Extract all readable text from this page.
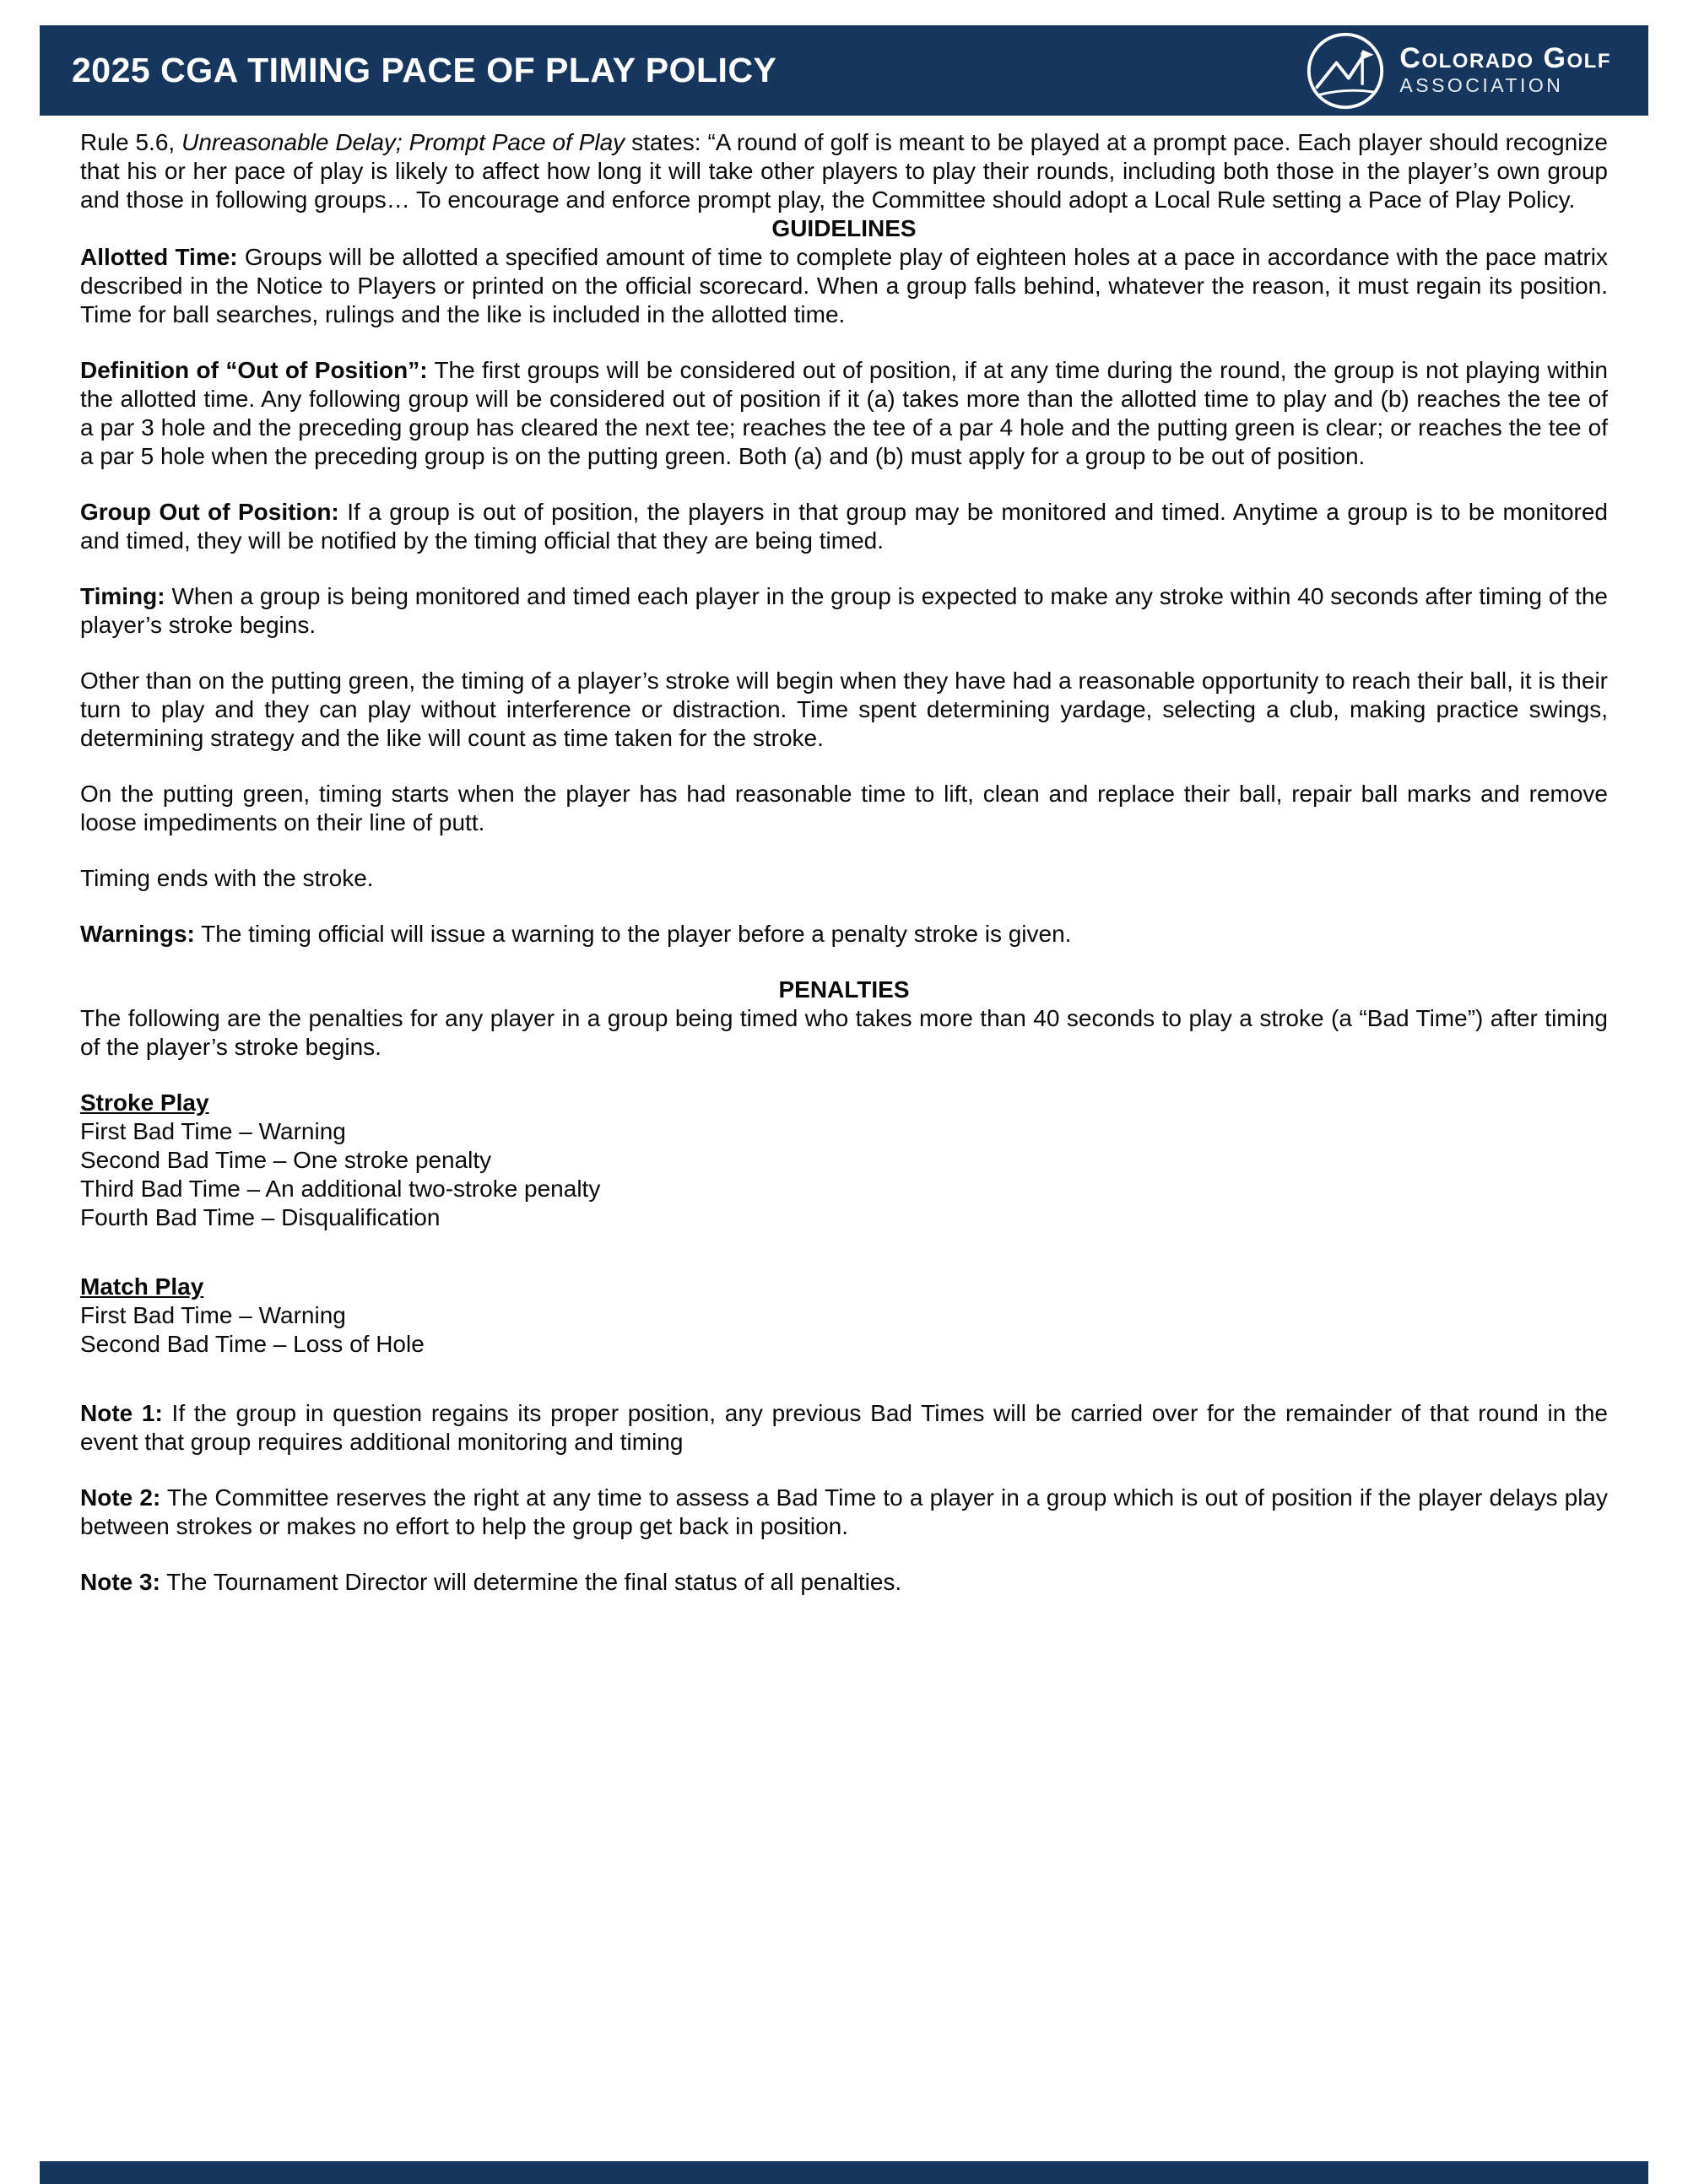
2025 CGA TIMING PACE OF PLAY POLICY	Colorado Golf
ASSOCIATION
Rule 5.6, Unreasonable Delay; Prompt Pace of Play states: “A round of golf is meant to be played at a prompt pace. Each player should recognize that his or her pace of play is likely to affect how long it will take other players to play their rounds, including both those in the player’s own group and those in following groups… To encourage and enforce prompt play, the Committee should adopt a Local Rule setting a Pace of Play Policy.
GUIDELINES
Allotted Time: Groups will be allotted a specified amount of time to complete play of eighteen holes at a pace in accordance with the pace matrix described in the Notice to Players or printed on the official scorecard. When a group falls behind, whatever the reason, it must regain its position. Time for ball searches, rulings and the like is included in the allotted time.
Definition of “Out of Position”: The first groups will be considered out of position, if at any time during the round, the group is not playing within the allotted time. Any following group will be considered out of position if it (a) takes more than the allotted time to play and (b) reaches the tee of a par 3 hole and the preceding group has cleared the next tee; reaches the tee of a par 4 hole and the putting green is clear; or reaches the tee of a par 5 hole when the preceding group is on the putting green. Both (a) and (b) must apply for a group to be out of position.
Group Out of Position: If a group is out of position, the players in that group may be monitored and timed. Anytime a group is to be monitored and timed, they will be notified by the timing official that they are being timed.
Timing: When a group is being monitored and timed each player in the group is expected to make any stroke within 40 seconds after timing of the player’s stroke begins.
Other than on the putting green, the timing of a player’s stroke will begin when they have had a reasonable opportunity to reach their ball, it is their turn to play and they can play without interference or distraction. Time spent determining yardage, selecting a club, making practice swings, determining strategy and the like will count as time taken for the stroke.
On the putting green, timing starts when the player has had reasonable time to lift, clean and replace their ball, repair ball marks and remove loose impediments on their line of putt.
Timing ends with the stroke.
Warnings: The timing official will issue a warning to the player before a penalty stroke is given.
PENALTIES
The following are the penalties for any player in a group being timed who takes more than 40 seconds to play a stroke (a “Bad Time”) after timing of the player’s stroke begins.
Stroke Play
First Bad Time – Warning
Second Bad Time – One stroke penalty
Third Bad Time – An additional two-stroke penalty
Fourth Bad Time – Disqualification
Match Play
First Bad Time – Warning
Second Bad Time – Loss of Hole
Note 1: If the group in question regains its proper position, any previous Bad Times will be carried over for the remainder of that round in the event that group requires additional monitoring and timing
Note 2: The Committee reserves the right at any time to assess a Bad Time to a player in a group which is out of position if the player delays play between strokes or makes no effort to help the group get back in position.
Note 3: The Tournament Director will determine the final status of all penalties.
